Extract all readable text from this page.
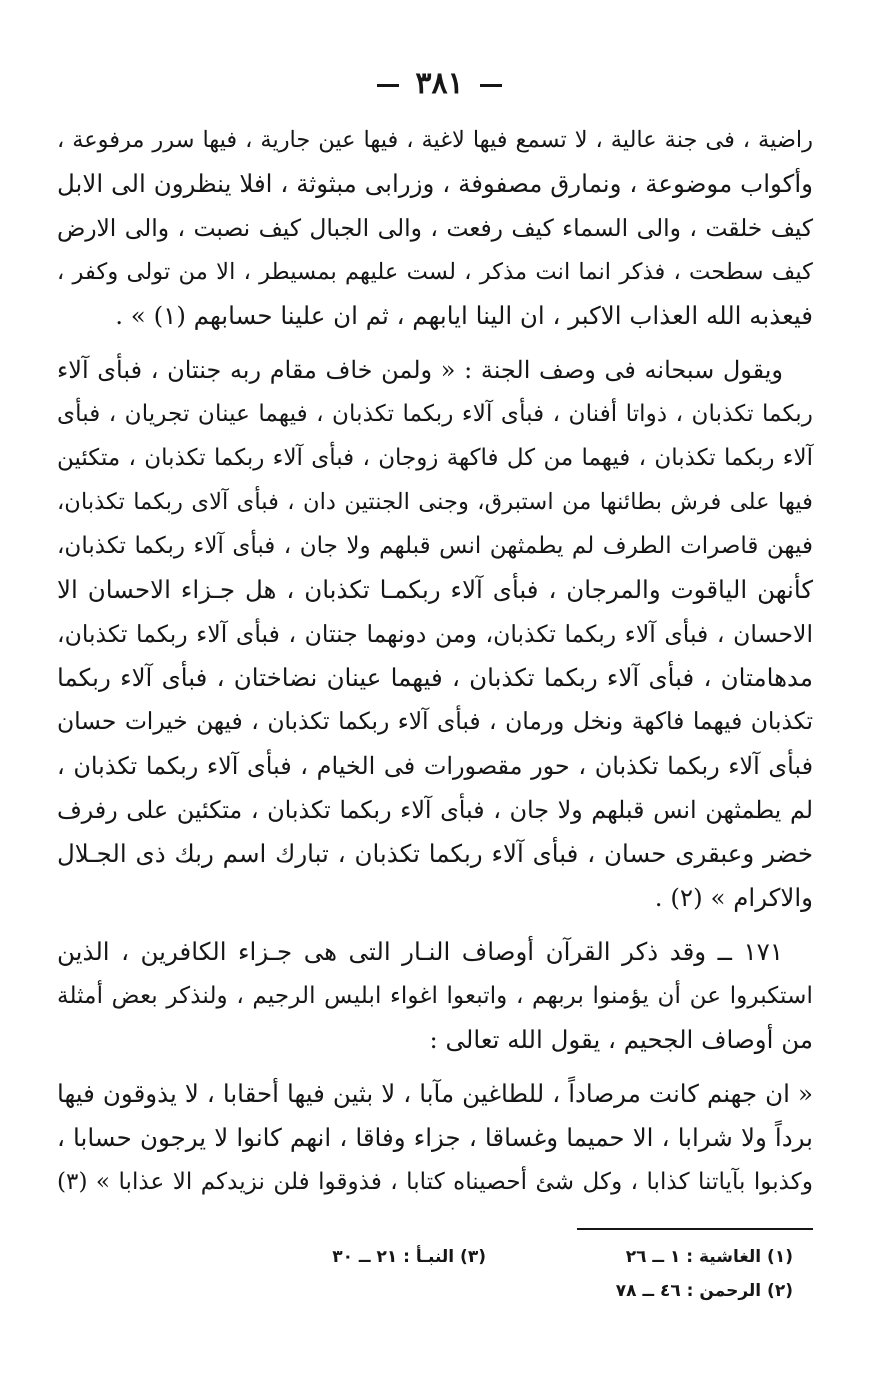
٣٨١
راضية ، فى جنة عالية ، لا تسمع فيها لاغية ، فيها عين جارية ، فيها سرر مرفوعة ،
وأكواب موضوعة ، ونمارق مصفوفة ، وزرابى مبثوثة ، افلا ينظرون الى الابل
كيف خلقت ، والى السماء كيف رفعت ، والى الجبال كيف نصبت ، والى الارض
كيف سطحت ، فذكر انما انت مذكر ، لست عليهم بمسيطر ، الا من تولى وكفر ،
فيعذبه الله العذاب الاكبر ، ان الينا ايابهم ، ثم ان علينا حسابهم (١) » .
ويقول سبحانه فى وصف الجنة : « ولمن خاف مقام ربه جنتان ، فبأى آلاء
ربكما تكذبان ، ذواتا أفنان ، فبأى آلاء ربكما تكذبان ، فيهما عينان تجريان ، فبأى
آلاء ربكما تكذبان ، فيهما من كل فاكهة زوجان ، فبأى آلاء ربكما تكذبان ، متكئين
فيها على فرش بطائنها من استبرق، وجنى الجنتين دان ، فبأى آلاى ربكما تكذبان،
فيهن قاصرات الطرف لم يطمثهن انس قبلهم ولا جان ، فبأى آلاء ربكما تكذبان،
كأنهن الياقوت والمرجان ، فبأى آلاء ربكمـا تكذبان ، هل جـزاء الاحسان الا
الاحسان ، فبأى آلاء ربكما تكذبان، ومن دونهما جنتان ، فبأى آلاء ربكما تكذبان،
مدهامتان ، فبأى آلاء ربكما تكذبان ، فيهما عينان نضاختان ، فبأى آلاء ربكما
تكذبان فيهما فاكهة ونخل ورمان ، فبأى آلاء ربكما تكذبان ، فيهن خيرات حسان
فبأى آلاء ربكما تكذبان ، حور مقصورات فى الخيام ، فبأى آلاء ربكما تكذبان ،
لم يطمثهن انس قبلهم ولا جان ، فبأى آلاء ربكما تكذبان ، متكئين على رفرف
خضر وعبقرى حسان ، فبأى آلاء ربكما تكذبان ، تبارك اسم ربك ذى الجـلال
والاكرام » (٢) .
١٧١ ــ وقد ذكر القرآن أوصاف النـار التى هى جـزاء الكافرين ، الذين
استكبروا عن أن يؤمنوا بربهم ، واتبعوا اغواء ابليس الرجيم ، ولنذكر بعض أمثلة
من أوصاف الجحيم ، يقول الله تعالى :
« ان جهنم كانت مرصاداً ، للطاغين مآبا ، لا بثين فيها أحقابا ، لا يذوقون فيها
برداً ولا شرابا ، الا حميما وغساقا ، جزاء وفاقا ، انهم كانوا لا يرجون حسابا ،
وكذبوا بآياتنا كذابا ، وكل شئ أحصيناه كتابا ، فذوقوا فلن نزيدكم الا عذابا » (٣)
(١) الغاشية : ١ ــ ٢٦
(٢) الرحمن : ٤٦ ــ ٧٨
(٣) النبـأ : ٢١ ــ ٣٠
